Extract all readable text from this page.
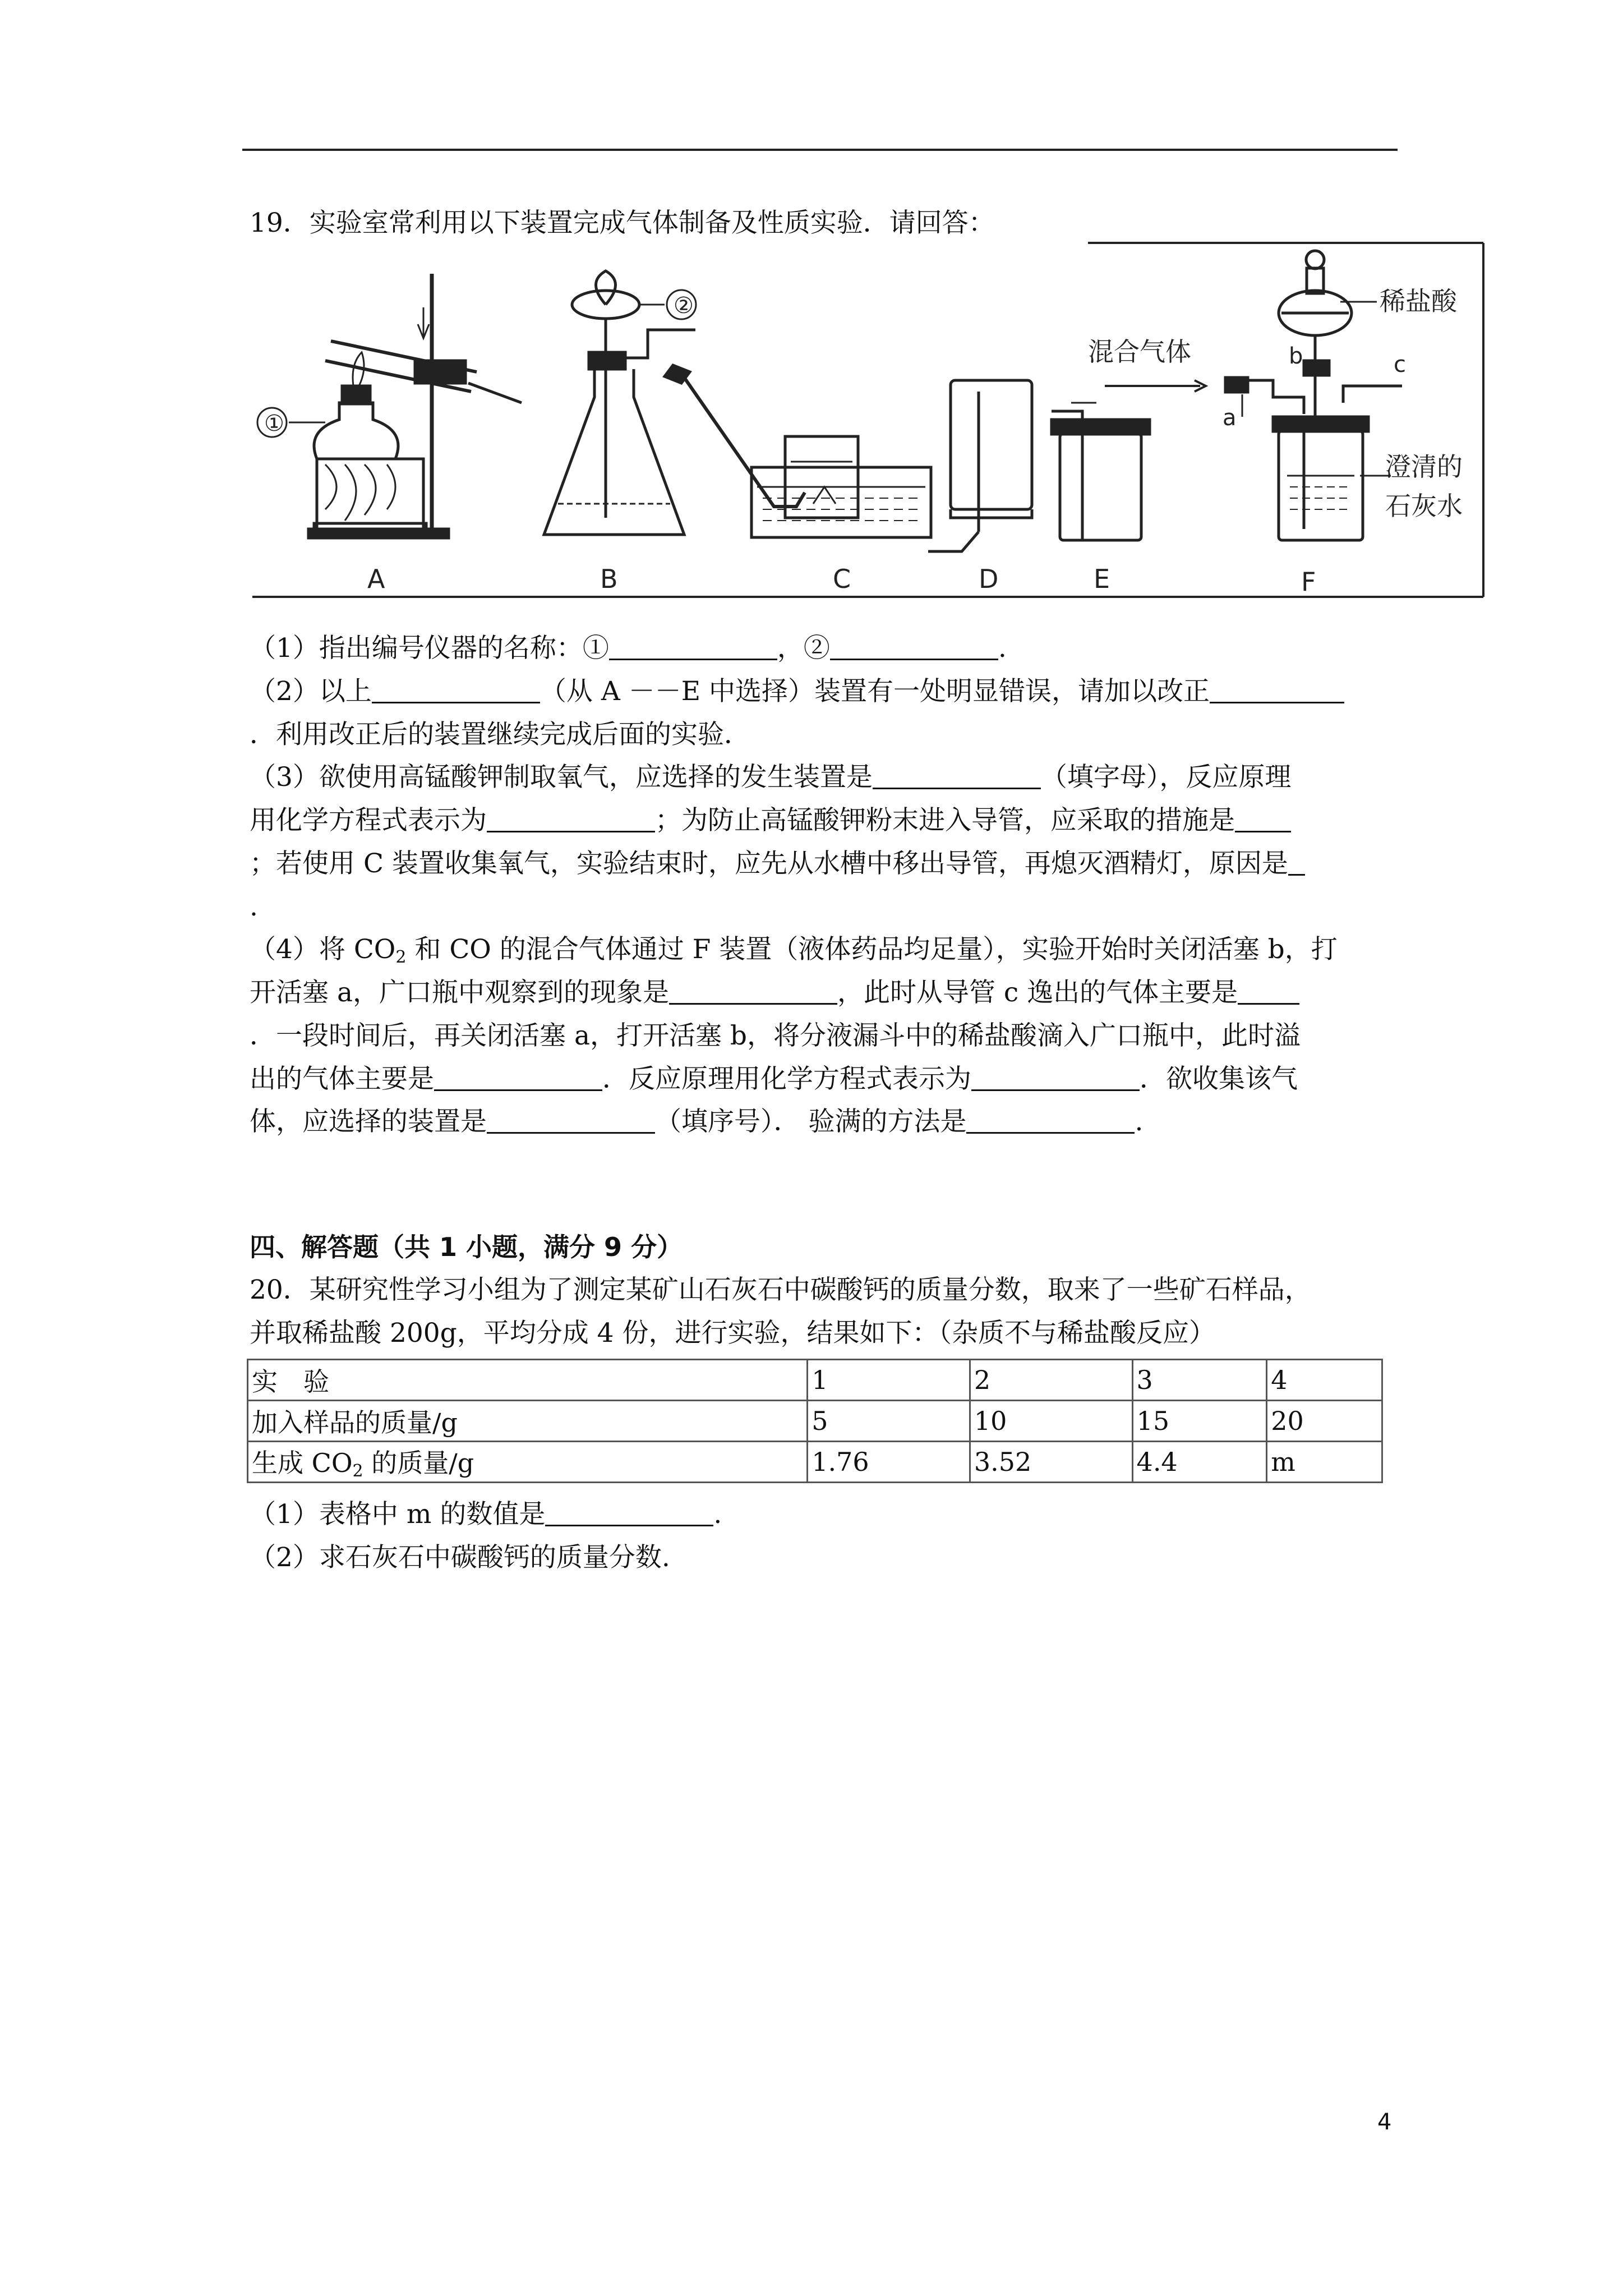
19．实验室常利用以下装置完成气体制备及性质实验．请回答：
①
②	稀盐酸
澄清的
石灰水
混合气体
a
b	c
A	B	C	D	E	F
（1）指出编号仪器的名称：①	，②	.
（2）以上	（从 A －－E 中选择）装置有一处明显错误，请加以改正
．利用改正后的装置继续完成后面的实验．
（3）欲使用高锰酸钾制取氧气，应选择的发生装置是	（填字母），反应原理
用化学方程式表示为	；为防止高锰酸钾粉末进入导管，应采取的措施是
；若使用 C 装置收集氧气，实验结束时，应先从水槽中移出导管，再熄灭酒精灯，原因是
.
（4）将 $CO_2$ 和 CO 的混合气体通过 F 装置（液体药品均足量），实验开始时关闭活塞 b，打
开活塞 a，广口瓶中观察到的现象是	，此时从导管 c 逸出的气体主要是
．一段时间后，再关闭活塞 a，打开活塞 b，将分液漏斗中的稀盐酸滴入广口瓶中，此时溢
出的气体主要是	．反应原理用化学方程式表示为	．欲收集该气
体，应选择的装置是	（填序号）． 验满的方法是	.
四、解答题（共 1 小题，满分 9 分）
20．某研究性学习小组为了测定某矿山石灰石中碳酸钙的质量分数，取来了一些矿石样品，
并取稀盐酸 200g，平均分成 4 份，进行实验，结果如下：（杂质不与稀盐酸反应）
实　验	1	2	3	4
加入样品的质量/g	5	10	15	20
生成 $CO_2$ 的质量/g	1.76	3.52	4.4	m
（1）表格中 m 的数值是	.
（2）求石灰石中碳酸钙的质量分数.
4
